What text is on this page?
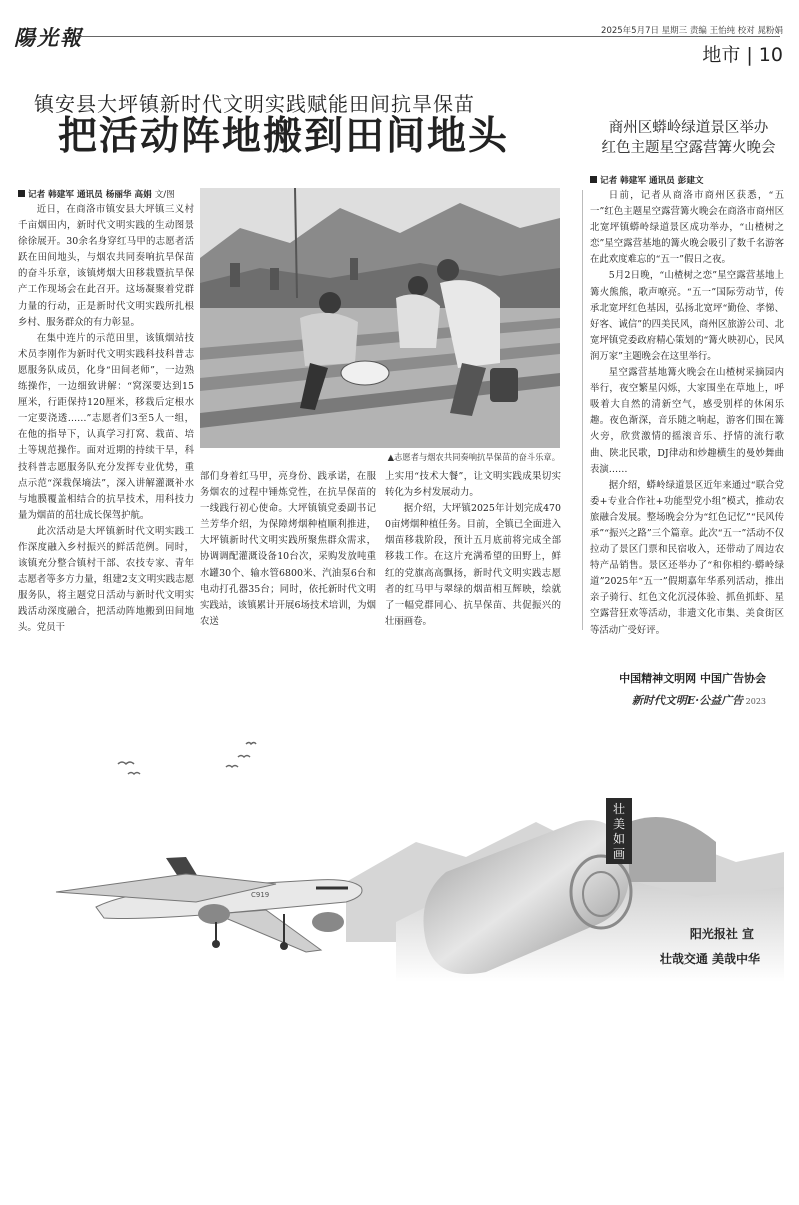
陽光報	2025年5月7日 星期三 责编 王怡纯 校对 晁粉娟
地市 | 10
镇安县大坪镇新时代文明实践赋能田间抗旱保苗
把活动阵地搬到田间地头	商州区蟒岭绿道景区举办
红色主题星空露营篝火晚会
记者 韩建军 通讯员 杨丽华 高娟 文/图

近日，在商洛市镇安县大坪镇三义村千亩烟田内，新时代文明实践的生动图景徐徐展开。30余名身穿红马甲的志愿者活跃在田间地头，与烟农共同奏响抗旱保苗的奋斗乐章，该镇烤烟大田移栽暨抗旱保产工作现场会在此召开。这场凝聚着党群力量的行动，正是新时代文明实践所扎根乡村、服务群众的有力彰显。

在集中连片的示范田里，该镇烟站技术员李刚作为新时代文明实践科技科普志愿服务队成员，化身“田间老师”，一边熟练操作，一边细致讲解：“窝深要达到15厘米，行距保持120厘米，移栽后定根水一定要浇透……”志愿者们3至5人一组，在他的指导下，认真学习打窝、栽苗、培土等规范操作。面对近期的持续干旱，科技科普志愿服务队充分发挥专业优势，重点示范“深栽保墒法”，深入讲解灌溉补水与地膜覆盖相结合的抗旱技术，用科技力量为烟苗的茁壮成长保驾护航。

此次活动是大坪镇新时代文明实践工作深度融入乡村振兴的鲜活范例。同时，该镇充分整合镇村干部、农技专家、青年志愿者等多方力量，组建2支文明实践志愿服务队，将主题党日活动与新时代文明实践活动深度融合，把活动阵地搬到田间地头。党员干

▲志愿者与烟农共同奏响抗旱保苗的奋斗乐章。

部们身着红马甲，亮身份、践承诺，在服务烟农的过程中锤炼党性，在抗旱保苗的一线践行初心使命。大坪镇镇党委副书记兰芳华介绍，为保障烤烟种植顺利推进，大坪镇新时代文明实践所聚焦群众需求，协调调配灌溉设备10台次，采购发放吨重水罐30个、输水管6800米、汽油泵6台和电动打孔器35台；同时，依托新时代文明实践站，该镇累计开展6场技术培训，为烟农送

上实用“技术大餐”，让文明实践成果切实转化为乡村发展动力。

据介绍，大坪镇2025年计划完成4700亩烤烟种植任务。目前，全镇已全面进入烟苗移栽阶段，预计五月底前将完成全部移栽工作。在这片充满希望的田野上，鲜红的党旗高高飘扬，新时代文明实践志愿者的红马甲与翠绿的烟苗相互辉映，绘就了一幅党群同心、抗旱保苗、共促振兴的壮丽画卷。

记者 韩建军 通讯员 彭建文

日前，记者从商洛市商州区获悉，“五一”红色主题星空露营篝火晚会在商洛市商州区北宽坪镇蟒岭绿道景区成功举办，“山楂树之恋”星空露营基地的篝火晚会吸引了数千名游客在此欢度难忘的“五一”假日之夜。

5月2日晚，“山楂树之恋”星空露营基地上篝火熊熊，歌声嘹亮。“五一”国际劳动节，传承北宽坪红色基因，弘扬北宽坪“勤俭、孝悌、好客、诚信”的四美民风，商州区旅游公司、北宽坪镇党委政府精心策划的“篝火映初心，民风润万家”主题晚会在这里举行。

星空露营基地篝火晚会在山楂树采摘园内举行，夜空繁星闪烁，大家围坐在草地上，呼吸着大自然的清新空气，感受别样的休闲乐趣。夜色渐深，音乐随之响起，游客们围在篝火旁，欣赏激情的摇滚音乐、抒情的流行歌曲、陕北民歌，DJ律动和炒趣横生的曼妙舞曲表演……

据介绍，蟒岭绿道景区近年来通过“联合党委+专业合作社+功能型党小组”模式，推动农旅融合发展。整场晚会分为“红色记忆”“民风传承”“振兴之路”三个篇章。此次“五一”活动不仅拉动了景区门票和民宿收入，还带动了周边农特产品销售。景区还举办了“和你相约·蟒岭绿道”2025年“五一”假期嘉年华系列活动，推出亲子骑行、红色文化沉浸体验、抓鱼抓虾、星空露营狂欢等活动，非遗文化市集、美食街区等活动广受好评。

C919
中国精神文明网 中国广告协会
新时代文明E·公益广告 2023
壮
美
如
画
阳光报社 宣
壮哉交通 美哉中华
